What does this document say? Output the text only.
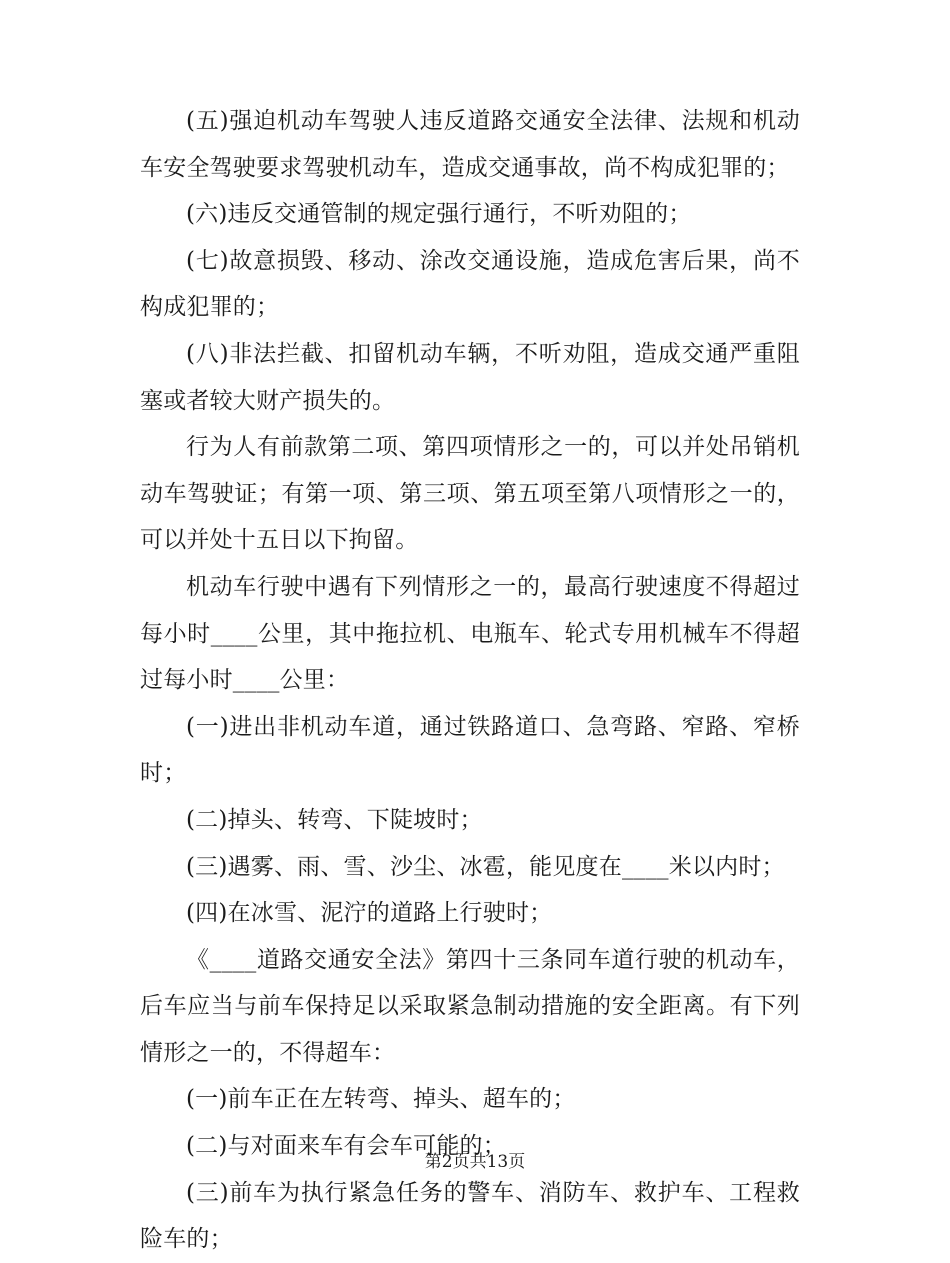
(五)强迫机动车驾驶人违反道路交通安全法律、法规和机动车安全驾驶要求驾驶机动车，造成交通事故，尚不构成犯罪的；

(六)违反交通管制的规定强行通行，不听劝阻的；

(七)故意损毁、移动、涂改交通设施，造成危害后果，尚不构成犯罪的；

(八)非法拦截、扣留机动车辆，不听劝阻，造成交通严重阻塞或者较大财产损失的。

行为人有前款第二项、第四项情形之一的，可以并处吊销机动车驾驶证；有第一项、第三项、第五项至第八项情形之一的，可以并处十五日以下拘留。

机动车行驶中遇有下列情形之一的，最高行驶速度不得超过每小时____公里，其中拖拉机、电瓶车、轮式专用机械车不得超过每小时____公里：

(一)进出非机动车道，通过铁路道口、急弯路、窄路、窄桥时；

(二)掉头、转弯、下陡坡时；

(三)遇雾、雨、雪、沙尘、冰雹，能见度在____米以内时；

(四)在冰雪、泥泞的道路上行驶时；

《____道路交通安全法》第四十三条同车道行驶的机动车，后车应当与前车保持足以采取紧急制动措施的安全距离。有下列情形之一的，不得超车：

(一)前车正在左转弯、掉头、超车的；

(二)与对面来车有会车可能的；

(三)前车为执行紧急任务的警车、消防车、救护车、工程救险车的；

第2页共13页
